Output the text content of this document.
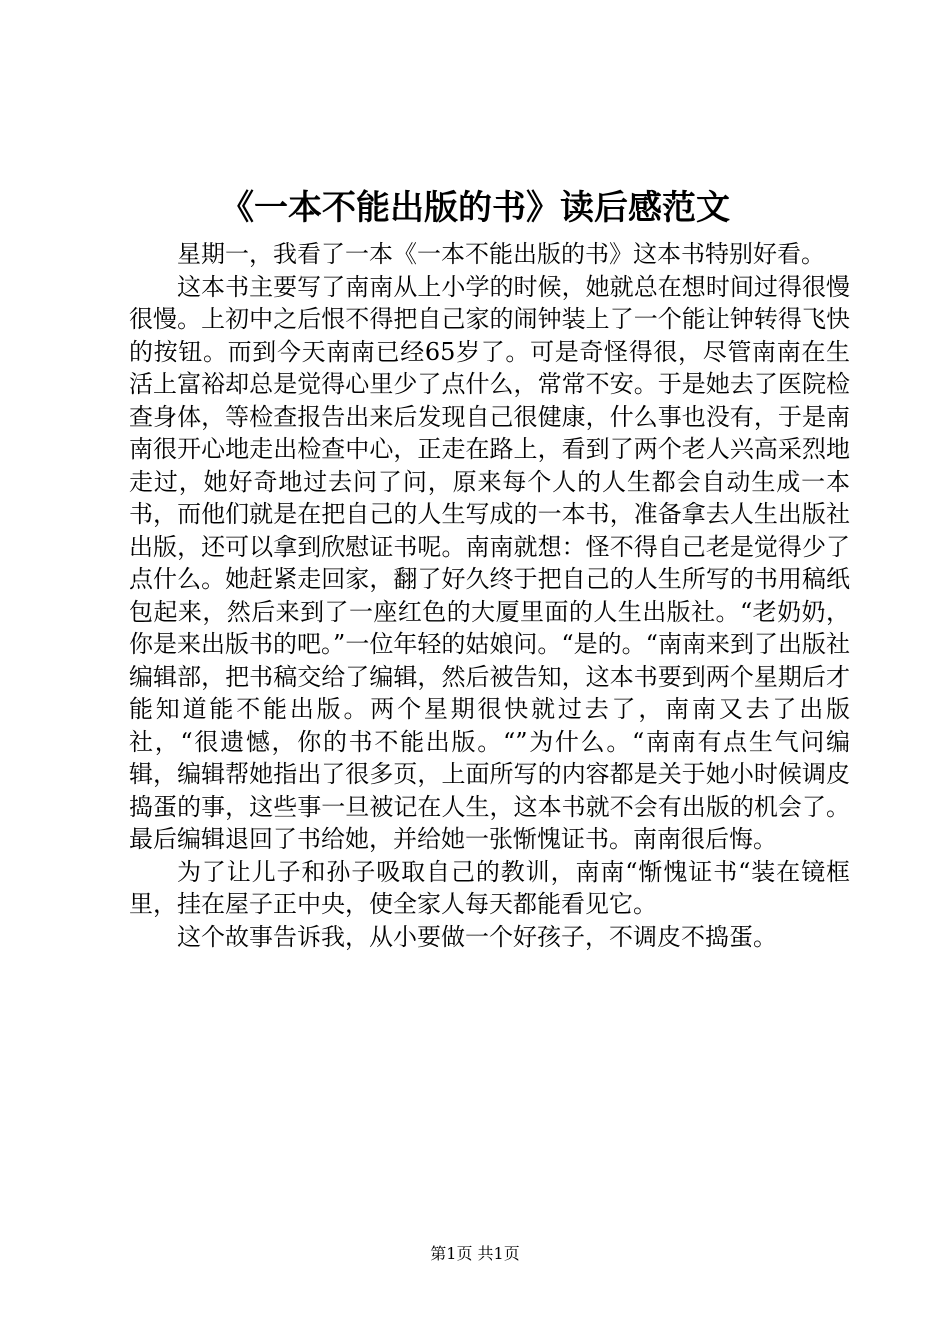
《一本不能出版的书》读后感范文

星期一，我看了一本《一本不能出版的书》这本书特别好看。

这本书主要写了南南从上小学的时候，她就总在想时间过得很慢很慢。上初中之后恨不得把自己家的闹钟装上了一个能让钟转得飞快的按钮。而到今天南南已经65岁了。可是奇怪得很，尽管南南在生活上富裕却总是觉得心里少了点什么，常常不安。于是她去了医院检查身体，等检查报告出来后发现自己很健康，什么事也没有，于是南南很开心地走出检查中心，正走在路上，看到了两个老人兴高采烈地走过，她好奇地过去问了问，原来每个人的人生都会自动生成一本书，而他们就是在把自己的人生写成的一本书，准备拿去人生出版社出版，还可以拿到欣慰证书呢。南南就想：怪不得自己老是觉得少了点什么。她赶紧走回家，翻了好久终于把自己的人生所写的书用稿纸包起来，然后来到了一座红色的大厦里面的人生出版社。“老奶奶，你是来出版书的吧。”一位年轻的姑娘问。“是的。“南南来到了出版社编辑部，把书稿交给了编辑，然后被告知，这本书要到两个星期后才能知道能不能出版。两个星期很快就过去了，南南又去了出版社，“很遗憾，你的书不能出版。“”为什么。“南南有点生气问编辑，编辑帮她指出了很多页，上面所写的内容都是关于她小时候调皮捣蛋的事，这些事一旦被记在人生，这本书就不会有出版的机会了。最后编辑退回了书给她，并给她一张惭愧证书。南南很后悔。

为了让儿子和孙子吸取自己的教训，南南“惭愧证书“装在镜框里，挂在屋子正中央，使全家人每天都能看见它。

这个故事告诉我，从小要做一个好孩子，不调皮不捣蛋。

第1页 共1页
